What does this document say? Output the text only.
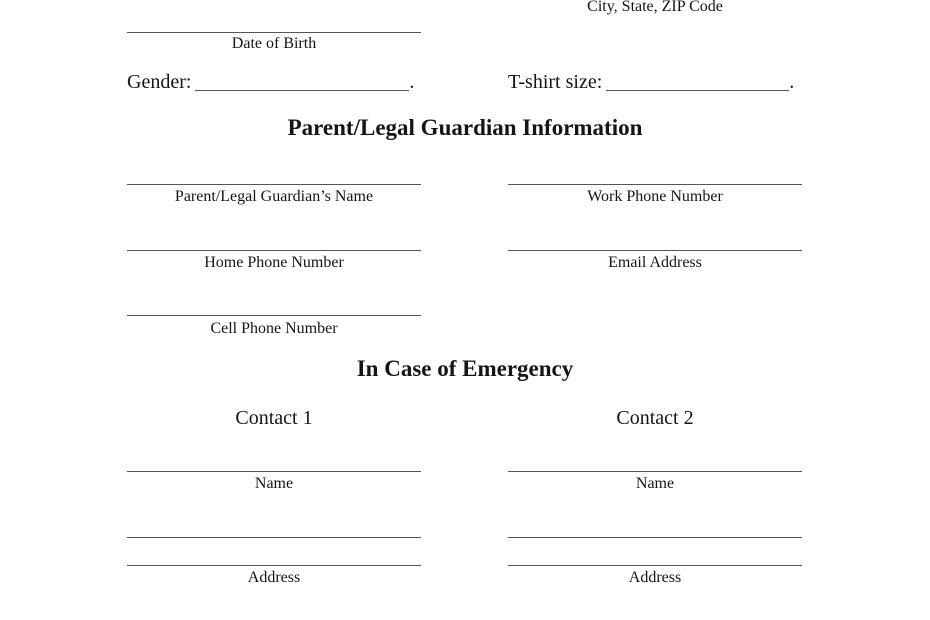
City, State, ZIP Code
Date of Birth
Gender:	.	T-shirt size:	.
Parent/Legal Guardian Information
Parent/Legal Guardian’s Name	Work Phone Number
Home Phone Number	Email Address
Cell Phone Number
In Case of Emergency
Contact 1	Contact 2
Name	Name
Address	Address
